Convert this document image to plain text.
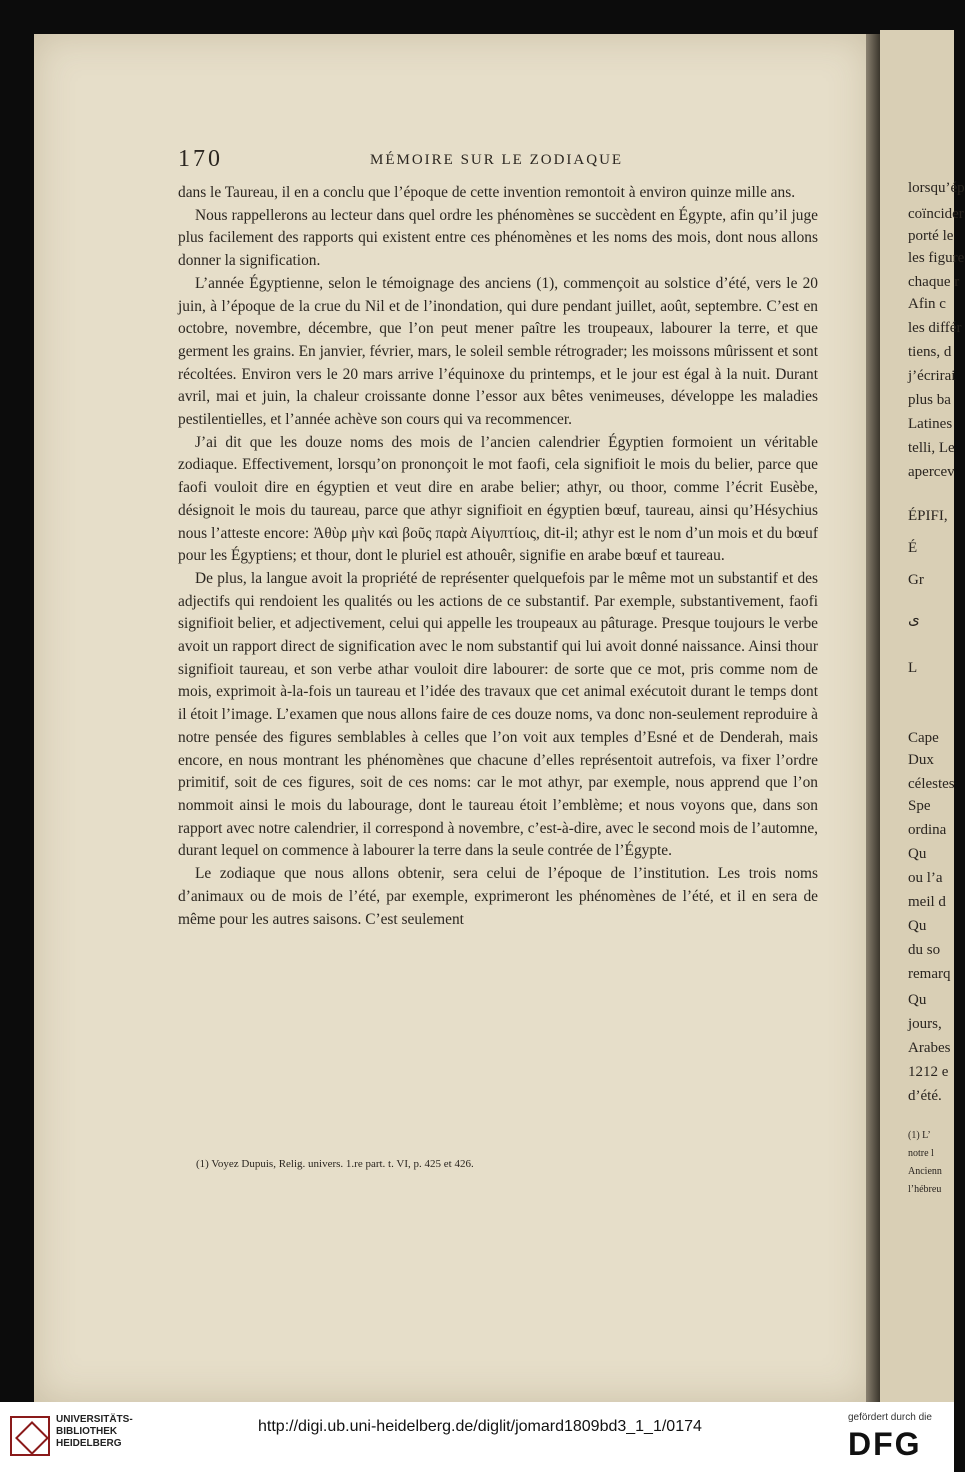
lorsqu’ép
coïncider
porté le
les figure
chaque r
Afin c
les différ
tiens, d
j’écrirai
plus ba
Latines
telli, Le
apercev
ÉPIFI,
É
Gr
ی
L
Cape
Dux
célestes
Spe
ordina
Qu
ou l’a
meil d
Qu
du so
remarq
Qu
jours,
Arabes
1212 e
d’été.
(1) L’
notre l
Ancienn
l’hébreu
170	MÉMOIRE SUR LE ZODIAQUE

dans le Taureau, il en a conclu que l’époque de cette invention remontoit à environ quinze mille ans.

Nous rappellerons au lecteur dans quel ordre les phénomènes se succèdent en Égypte, afin qu’il juge plus facilement des rapports qui existent entre ces phénomènes et les noms des mois, dont nous allons donner la signification.

L’année Égyptienne, selon le témoignage des anciens (1), commençoit au solstice d’été, vers le 20 juin, à l’époque de la crue du Nil et de l’inondation, qui dure pendant juillet, août, septembre. C’est en octobre, novembre, décembre, que l’on peut mener paître les troupeaux, labourer la terre, et que germent les grains. En janvier, février, mars, le soleil semble rétrograder; les moissons mûrissent et sont récoltées. Environ vers le 20 mars arrive l’équinoxe du printemps, et le jour est égal à la nuit. Durant avril, mai et juin, la chaleur croissante donne l’essor aux bêtes venimeuses, développe les maladies pestilentielles, et l’année achève son cours qui va recommencer.

J’ai dit que les douze noms des mois de l’ancien calendrier Égyptien formoient un véritable zodiaque. Effectivement, lorsqu’on prononçoit le mot faofi, cela signifioit le mois du belier, parce que faofi vouloit dire en égyptien et veut dire en arabe belier; athyr, ou thoor, comme l’écrit Eusèbe, désignoit le mois du taureau, parce que athyr signifioit en égyptien bœuf, taureau, ainsi qu’Hésychius nous l’atteste encore: Ἀθὺρ μὴν καὶ βοῦς παρὰ Αἰγυπτίοις, dit-il; athyr est le nom d’un mois et du bœuf pour les Égyptiens; et thour, dont le pluriel est athouêr, signifie en arabe bœuf et taureau.

De plus, la langue avoit la propriété de représenter quelquefois par le même mot un substantif et des adjectifs qui rendoient les qualités ou les actions de ce substantif. Par exemple, substantivement, faofi signifioit belier, et adjectivement, celui qui appelle les troupeaux au pâturage. Presque toujours le verbe avoit un rapport direct de signification avec le nom substantif qui lui avoit donné naissance. Ainsi thour signifioit taureau, et son verbe athar vouloit dire labourer: de sorte que ce mot, pris comme nom de mois, exprimoit à-la-fois un taureau et l’idée des travaux que cet animal exécutoit durant le temps dont il étoit l’image. L’examen que nous allons faire de ces douze noms, va donc non-seulement reproduire à notre pensée des figures semblables à celles que l’on voit aux temples d’Esné et de Denderah, mais encore, en nous montrant les phénomènes que chacune d’elles représentoit autrefois, va fixer l’ordre primitif, soit de ces figures, soit de ces noms: car le mot athyr, par exemple, nous apprend que l’on nommoit ainsi le mois du labourage, dont le taureau étoit l’emblème; et nous voyons que, dans son rapport avec notre calendrier, il correspond à novembre, c’est-à-dire, avec le second mois de l’automne, durant lequel on commence à labourer la terre dans la seule contrée de l’Égypte.

Le zodiaque que nous allons obtenir, sera celui de l’époque de l’institution. Les trois noms d’animaux ou de mois de l’été, par exemple, exprimeront les phénomènes de l’été, et il en sera de même pour les autres saisons. C’est seulement

(1) Voyez Dupuis, Relig. univers. 1.re part. t. VI, p. 425 et 426.
UNIVERSITÄTS-
BIBLIOTHEK
HEIDELBERG
http://digi.ub.uni-heidelberg.de/diglit/jomard1809bd3_1_1/0174
gefördert durch die
DFG
